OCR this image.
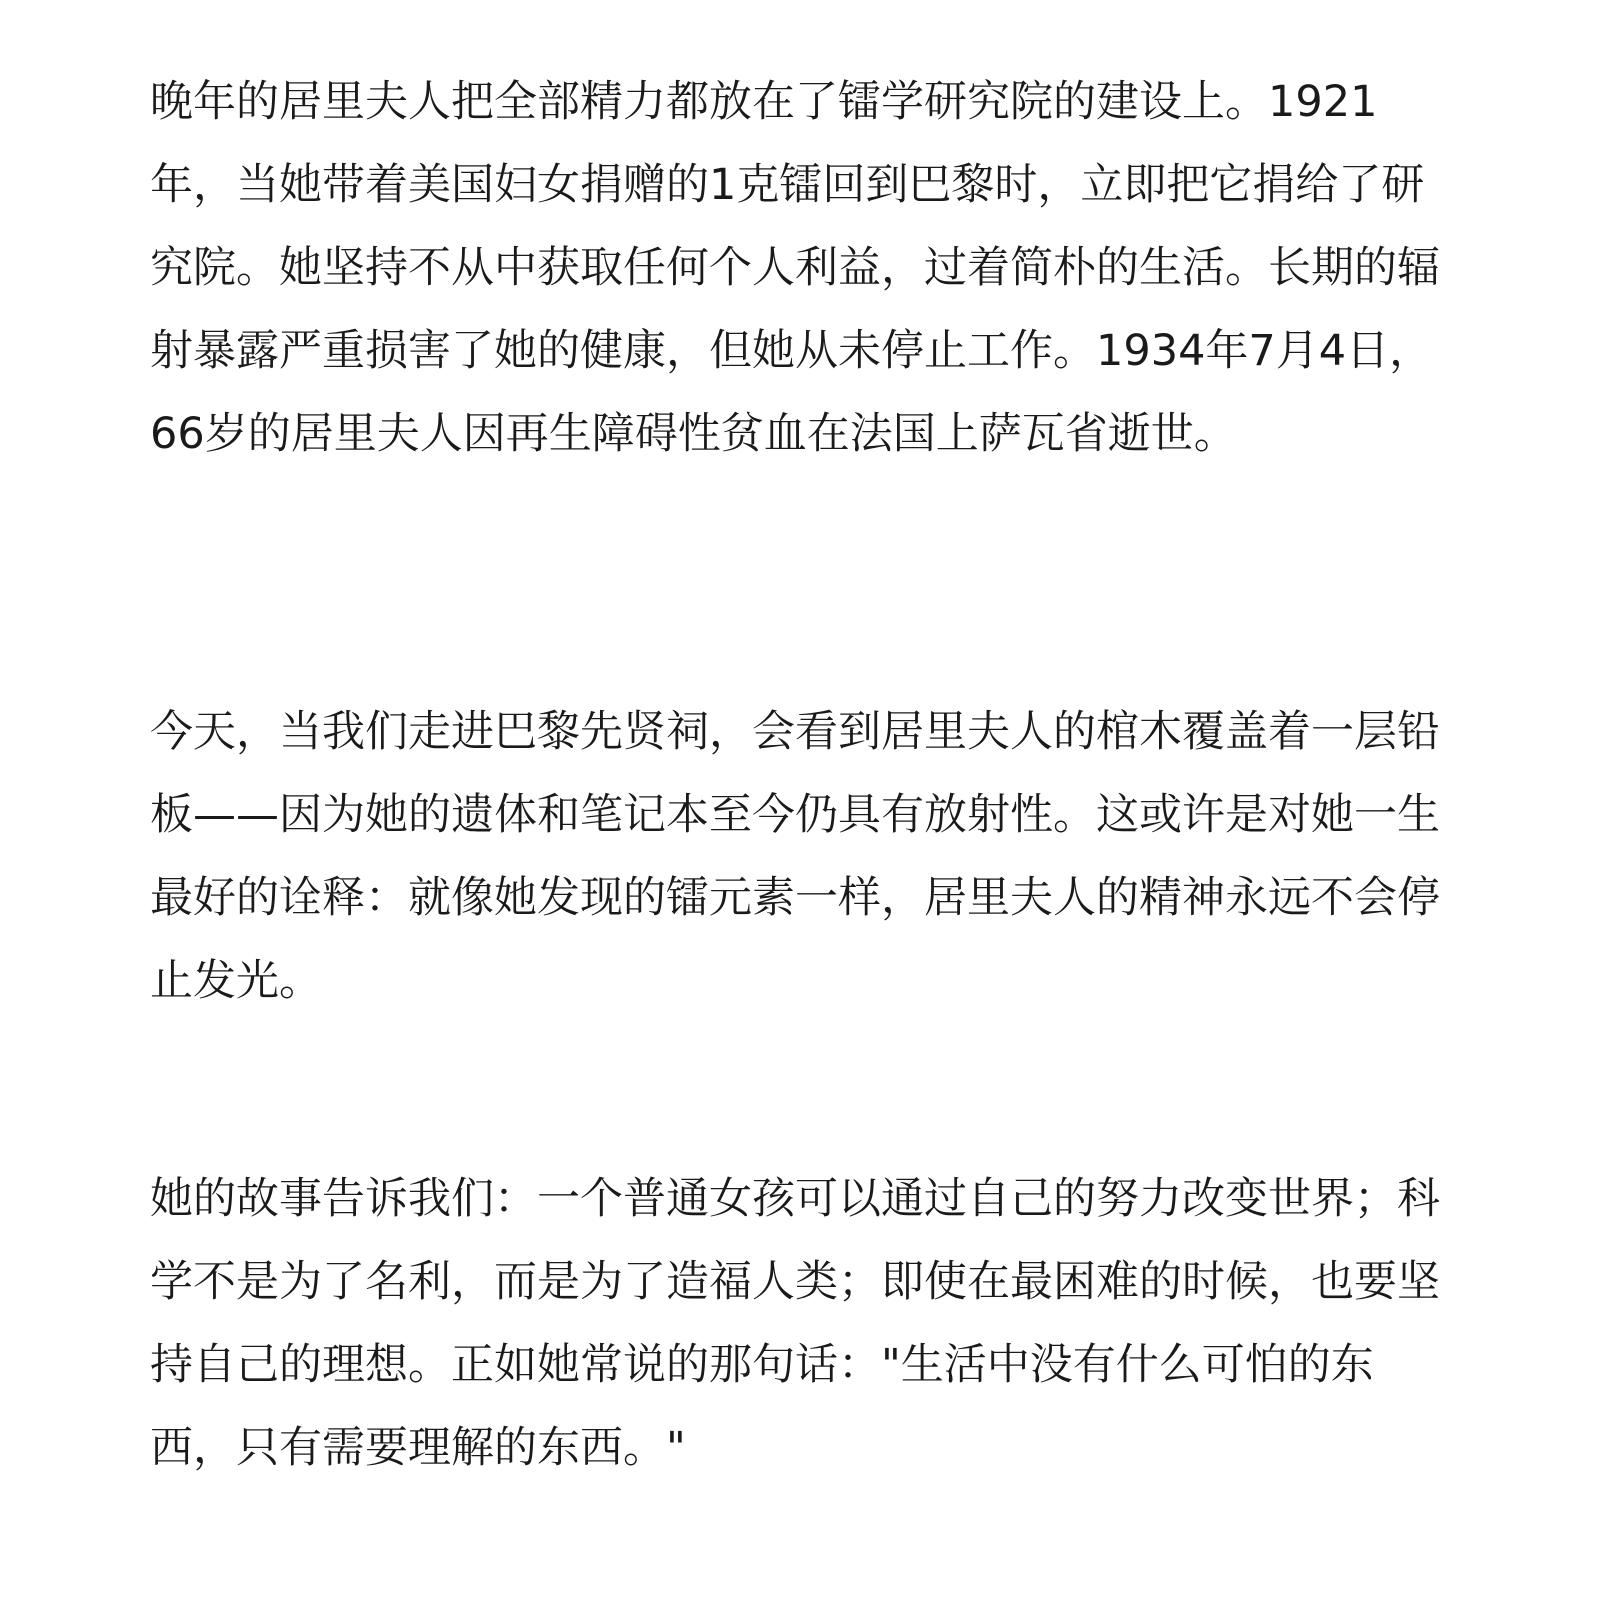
晚年的居里夫人把全部精力都放在了镭学研究院的建设上。1921年，当她带着美国妇女捐赠的1克镭回到巴黎时，立即把它捐给了研究院。她坚持不从中获取任何个人利益，过着简朴的生活。长期的辐射暴露严重损害了她的健康，但她从未停止工作。1934年7月4日，66岁的居里夫人因再生障碍性贫血在法国上萨瓦省逝世。

今天，当我们走进巴黎先贤祠，会看到居里夫人的棺木覆盖着一层铅板——因为她的遗体和笔记本至今仍具有放射性。这或许是对她一生最好的诠释：就像她发现的镭元素一样，居里夫人的精神永远不会停止发光。

她的故事告诉我们：一个普通女孩可以通过自己的努力改变世界；科学不是为了名利，而是为了造福人类；即使在最困难的时候，也要坚持自己的理想。正如她常说的那句话："生活中没有什么可怕的东西，只有需要理解的东西。"
